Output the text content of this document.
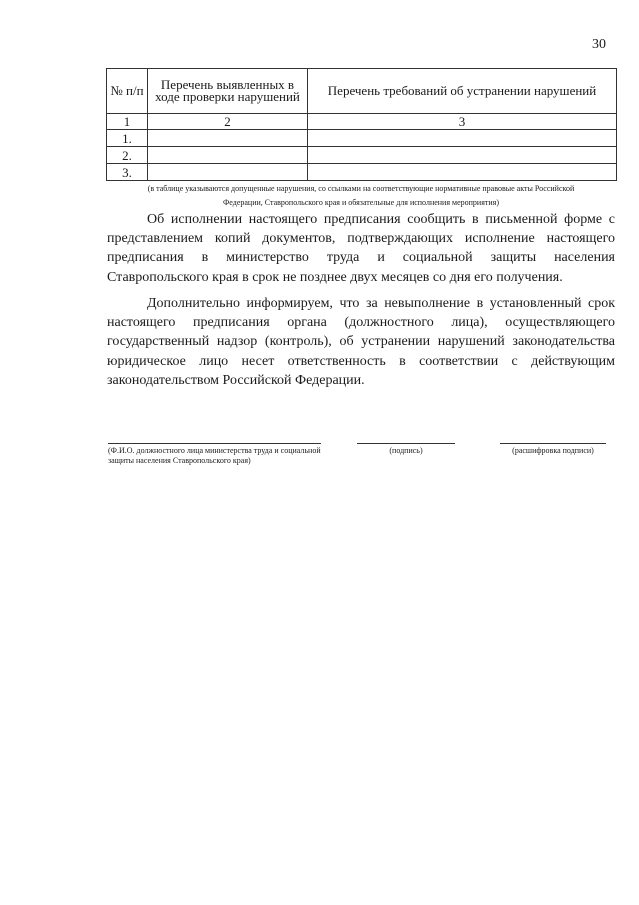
30
№ п/п	Перечень выявленных в ходе проверки нарушений	Перечень требований об устранении нарушений
1	2	3
1.		
2.		
3.		
(в таблице указываются допущенные нарушения, со ссылками на соответствующие нормативные правовые акты Российской
Федерации, Ставропольского края и обязательные для исполнения мероприятия)

Об исполнении настоящего предписания сообщить в письменной форме с представлением копий документов, подтверждающих исполнение настоящего предписания в министерство труда и социальной защиты населения Ставропольского края в срок не позднее двух месяцев со дня его получения.

Дополнительно информируем, что за невыполнение в установленный срок настоящего предписания органа (должностного лица), осуществляющего государственный надзор (контроль), об устранении нарушений законодательства юридическое лицо несет ответственность в соответствии с действующим законодательством Российской Федерации.

(Ф.И.О. должностного лица министерства труда и социальной
защиты населения Ставропольского края)
(подпись)	(расшифровка подписи)
